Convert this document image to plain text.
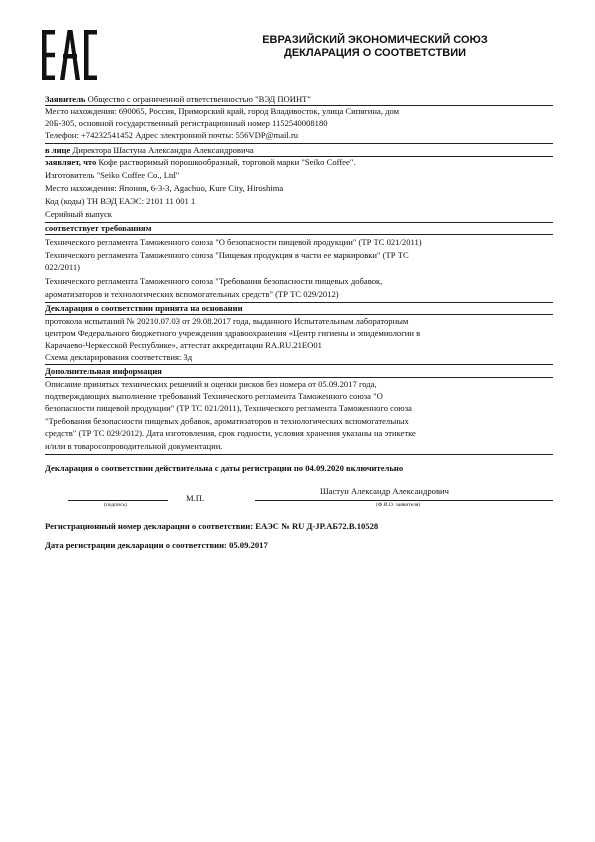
ЕВРАЗИЙСКИЙ ЭКОНОМИЧЕСКИЙ СОЮЗ
ДЕКЛАРАЦИЯ О СООТВЕТСТВИИ
Заявитель Общество с ограниченной ответственностью "ВЭД ПОИНТ"
Место нахождения: 690065, Россия, Приморский край, город Владивосток, улица Сипягина, дом
20Б-305, основной государственный регистрационный номер 1152540008180
Телефон: +74232541452 Адрес электронной почты: 556VDP@mail.ru
в лице Директора Шастуна Александра Александровича
заявляет, что Кофе растворимый порошкообразный, торговой марки "Seiko Coffee".
Изготовитель "Seiko Coffee Co., Ltd"
Место нахождения: Япония, 6-3-3, Agachuo, Kure City, Hiroshima
Код (коды) ТН ВЭД ЕАЭС: 2101 11 001 1
Серийный выпуск
соответствует требованиям
Технического регламента Таможенного союза "О безопасности пищевой продукции" (ТР ТС 021/2011)
Технического регламента Таможенного союза "Пищевая продукция в части ее маркировки" (ТР ТС
022/2011)
Технического регламента Таможенного союза "Требования безопасности пищевых добавок,
ароматизаторов и технологических вспомогательных средств" (ТР ТС 029/2012)
Декларация о соответствии принята на основании
протокола испытаний № 20210.07.03 от 29.08.2017 года, выданного Испытательным лабораторным
центром Федерального бюджетного учреждения здравоохранения «Центр гигиены и эпидемиологии в
Карачаево-Черкесской Республике», аттестат аккредитации RA.RU.21ЕО01
Схема декларирования соответствия: 3д
Дополнительная информация
Описание принятых технических решений и оценки рисков без номера от 05.09.2017 года,
подтверждающих выполнение требований Технического регламента Таможенного союза "О
безопасности пищевой продукции" (ТР ТС 021/2011), Технического регламента Таможенного союза
"Требования безопасности пищевых добавок, ароматизаторов и технологических вспомогательных
средств" (ТР ТС 029/2012). Дата изготовления, срок годности, условия хранения указаны на этикетке
и/или в товаросопроводительной документации.
Декларация о соответствии действительна с даты регистрации по 04.09.2020 включительно
(подпись)
М.П.
Шастун Александр Александрович
(Ф.И.О. заявителя)
Регистрационный номер декларации о соответствии: ЕАЭС № RU Д-JP.АБ72.В.10528
Дата регистрации декларации о соответствии: 05.09.2017
